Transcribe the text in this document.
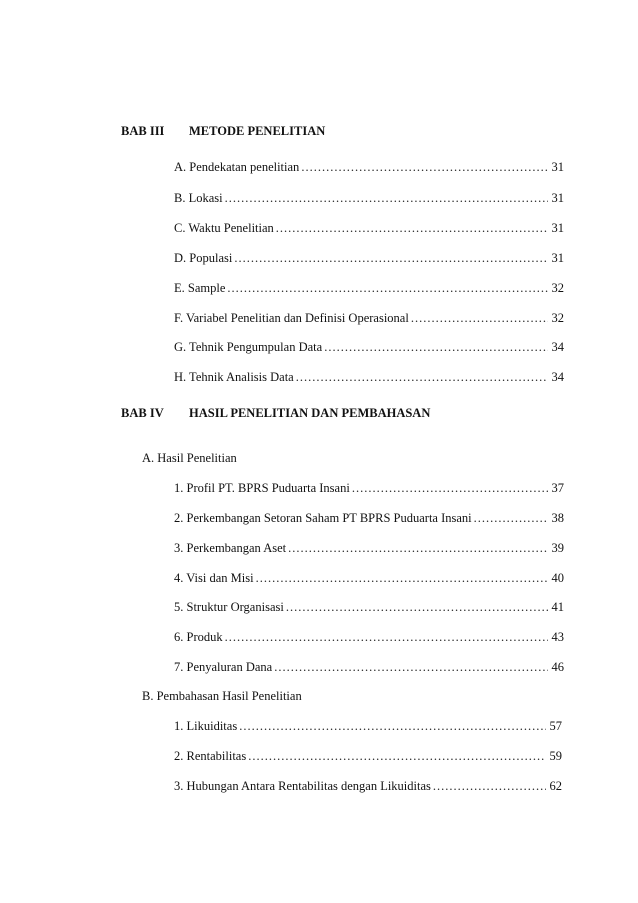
BAB III	METODE PENELITIAN
A. Pendekatan penelitian .....	31
B. Lokasi .....	31
C. Waktu Penelitian .....	31
D. Populasi .....	31
E. Sample .....	32
F. Variabel Penelitian dan Definisi Operasional .....	32
G. Tehnik Pengumpulan Data .....	34
H. Tehnik Analisis Data .....	34
BAB IV	HASIL PENELITIAN DAN PEMBAHASAN
A. Hasil Penelitian
1. Profil PT. BPRS Puduarta Insani .....	37
2. Perkembangan Setoran Saham PT BPRS Puduarta Insani .....	38
3. Perkembangan Aset .....	39
4. Visi dan Misi .....	40
5. Struktur Organisasi .....	41
6. Produk .....	43
7. Penyaluran Dana .....	46
B. Pembahasan Hasil Penelitian
1. Likuiditas .....	57
2. Rentabilitas .....	59
3. Hubungan Antara Rentabilitas dengan Likuiditas .....	62
